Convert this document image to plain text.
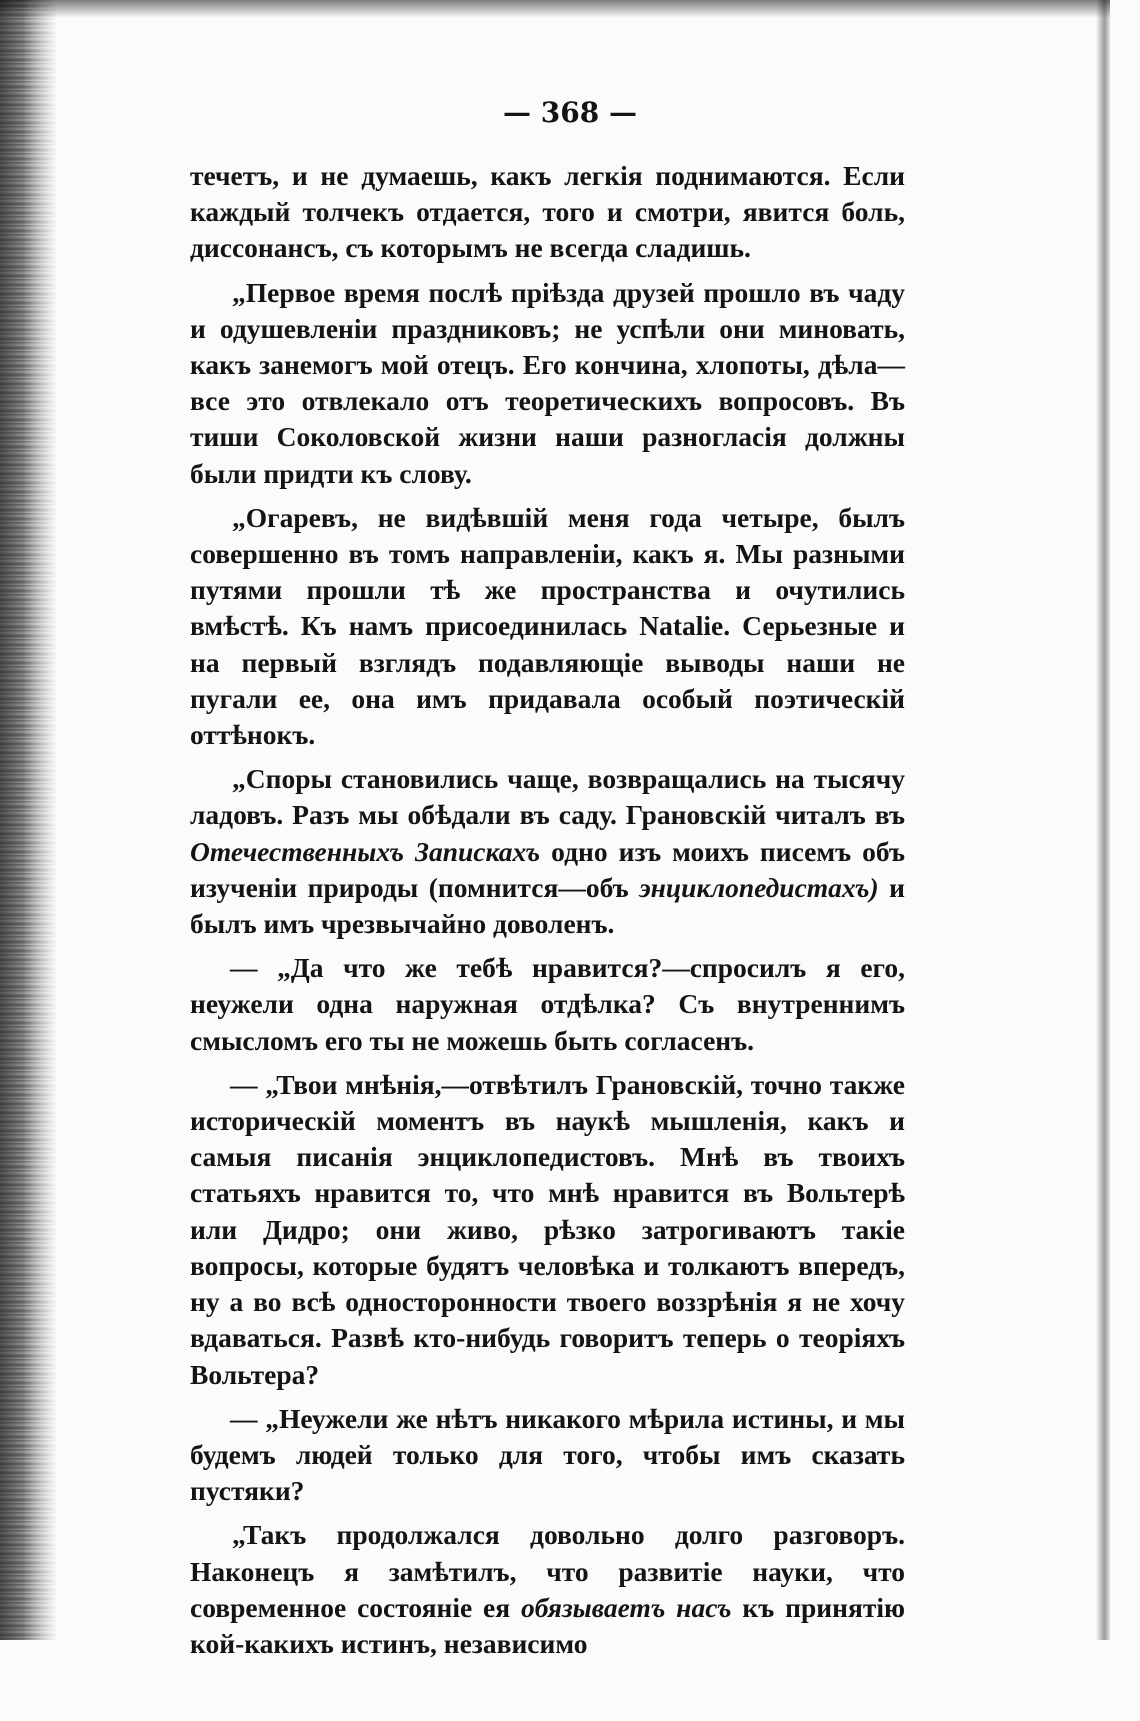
— 368 —

течетъ, и не думаешь, какъ легкія поднимаются. Если каждый толчекъ отдается, того и смотри, явится боль, диссонансъ, съ которымъ не всегда сладишь.

„Первое время послѣ пріѣзда друзей прошло въ чаду и одушевленіи праздниковъ; не успѣли они миновать, какъ занемогъ мой отецъ. Его кончина, хлопоты, дѣла—все это отвлекало отъ теоретическихъ вопросовъ. Въ тиши Соколовской жизни наши разногласія должны были придти къ слову.

„Огаревъ, не видѣвшій меня года четыре, былъ совершенно въ томъ направленіи, какъ я. Мы разными путями прошли тѣ же пространства и очутились вмѣстѣ. Къ намъ присоединилась Natalie. Серьезные и на первый взглядъ подавляющіе выводы наши не пугали ее, она имъ придавала особый поэтическій оттѣнокъ.

„Споры становились чаще, возвращались на тысячу ладовъ. Разъ мы обѣдали въ саду. Грановскій читалъ въ Отечественныхъ Запискахъ одно изъ моихъ писемъ объ изученіи природы (помнится—объ энциклопедистахъ) и былъ имъ чрезвычайно доволенъ.

— „Да что же тебѣ нравится?—спросилъ я его, неужели одна наружная отдѣлка? Съ внутреннимъ смысломъ его ты не можешь быть согласенъ.

— „Твои мнѣнія,—отвѣтилъ Грановскій, точно также историческій моментъ въ наукѣ мышленія, какъ и самыя писанія энциклопедистовъ. Мнѣ въ твоихъ статьяхъ нравится то, что мнѣ нравится въ Вольтерѣ или Дидро; они живо, рѣзко затрогиваютъ такіе вопросы, которые будятъ человѣка и толкаютъ впередъ, ну а во всѣ односторонности твоего воззрѣнія я не хочу вдаваться. Развѣ кто-нибудь говоритъ теперь о теоріяхъ Вольтера?

— „Неужели же нѣтъ никакого мѣрила истины, и мы будемъ людей только для того, чтобы имъ сказать пустяки?

„Такъ продолжался довольно долго разговоръ. Наконецъ я замѣтилъ, что развитіе науки, что современное состояніе ея обязываетъ насъ къ принятію кой-какихъ истинъ, независимо
